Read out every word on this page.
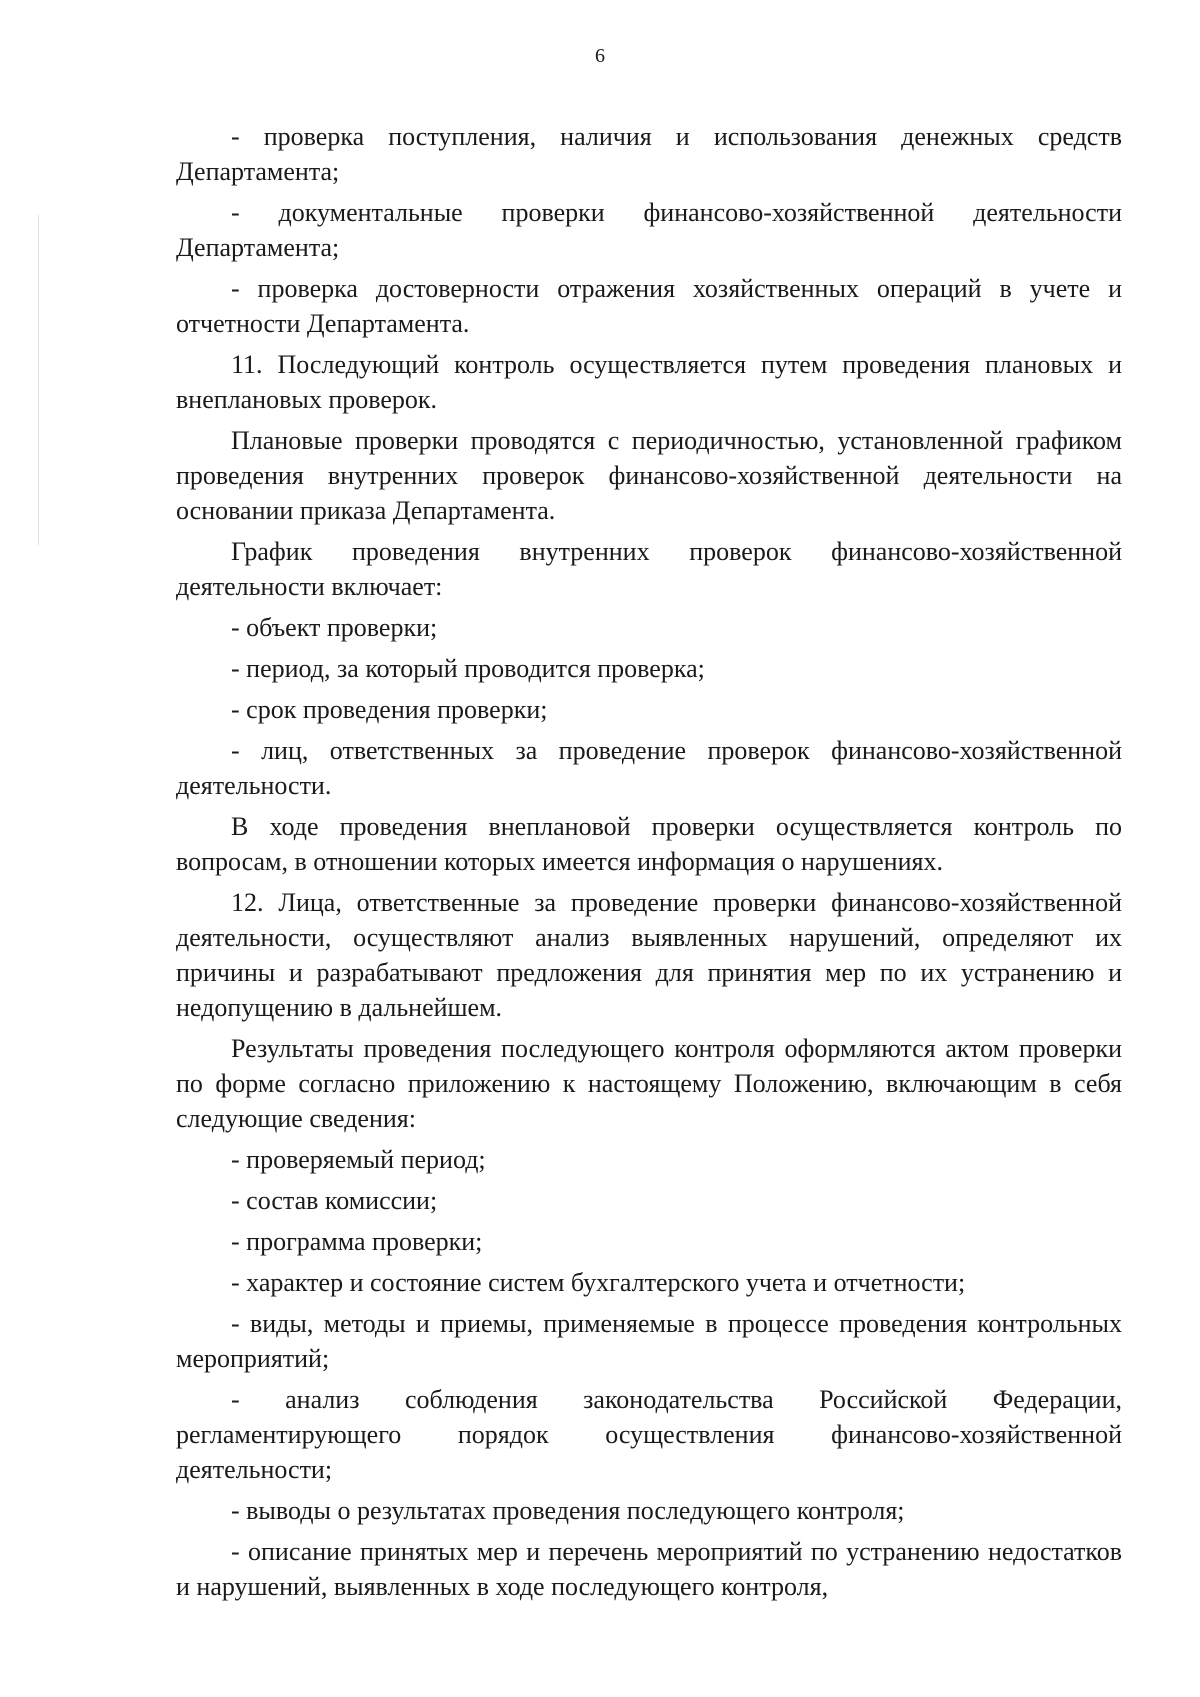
6

- проверка поступления, наличия и использования денежных средств Департамента;

- документальные проверки финансово-хозяйственной деятельности Департамента;

- проверка достоверности отражения хозяйственных операций в учете и отчетности Департамента.

11. Последующий контроль осуществляется путем проведения плановых и внеплановых проверок.

Плановые проверки проводятся с периодичностью, установленной графиком проведения внутренних проверок финансово-хозяйственной деятельности на основании приказа Департамента.

График проведения внутренних проверок финансово-хозяйственной деятельности включает:

- объект проверки;

- период, за который проводится проверка;

- срок проведения проверки;

- лиц, ответственных за проведение проверок финансово-хозяйственной деятельности.

В ходе проведения внеплановой проверки осуществляется контроль по вопросам, в отношении которых имеется информация о нарушениях.

12. Лица, ответственные за проведение проверки финансово-хозяйственной деятельности, осуществляют анализ выявленных нарушений, определяют их причины и разрабатывают предложения для принятия мер по их устранению и недопущению в дальнейшем.

Результаты проведения последующего контроля оформляются актом проверки по форме согласно приложению к настоящему Положению, включающим в себя следующие сведения:

- проверяемый период;

- состав комиссии;

- программа проверки;

- характер и состояние систем бухгалтерского учета и отчетности;

- виды, методы и приемы, применяемые в процессе проведения контрольных мероприятий;

- анализ соблюдения законодательства Российской Федерации, регламентирующего порядок осуществления финансово-хозяйственной деятельности;

- выводы о результатах проведения последующего контроля;

- описание принятых мер и перечень мероприятий по устранению недостатков и нарушений, выявленных в ходе последующего контроля,
